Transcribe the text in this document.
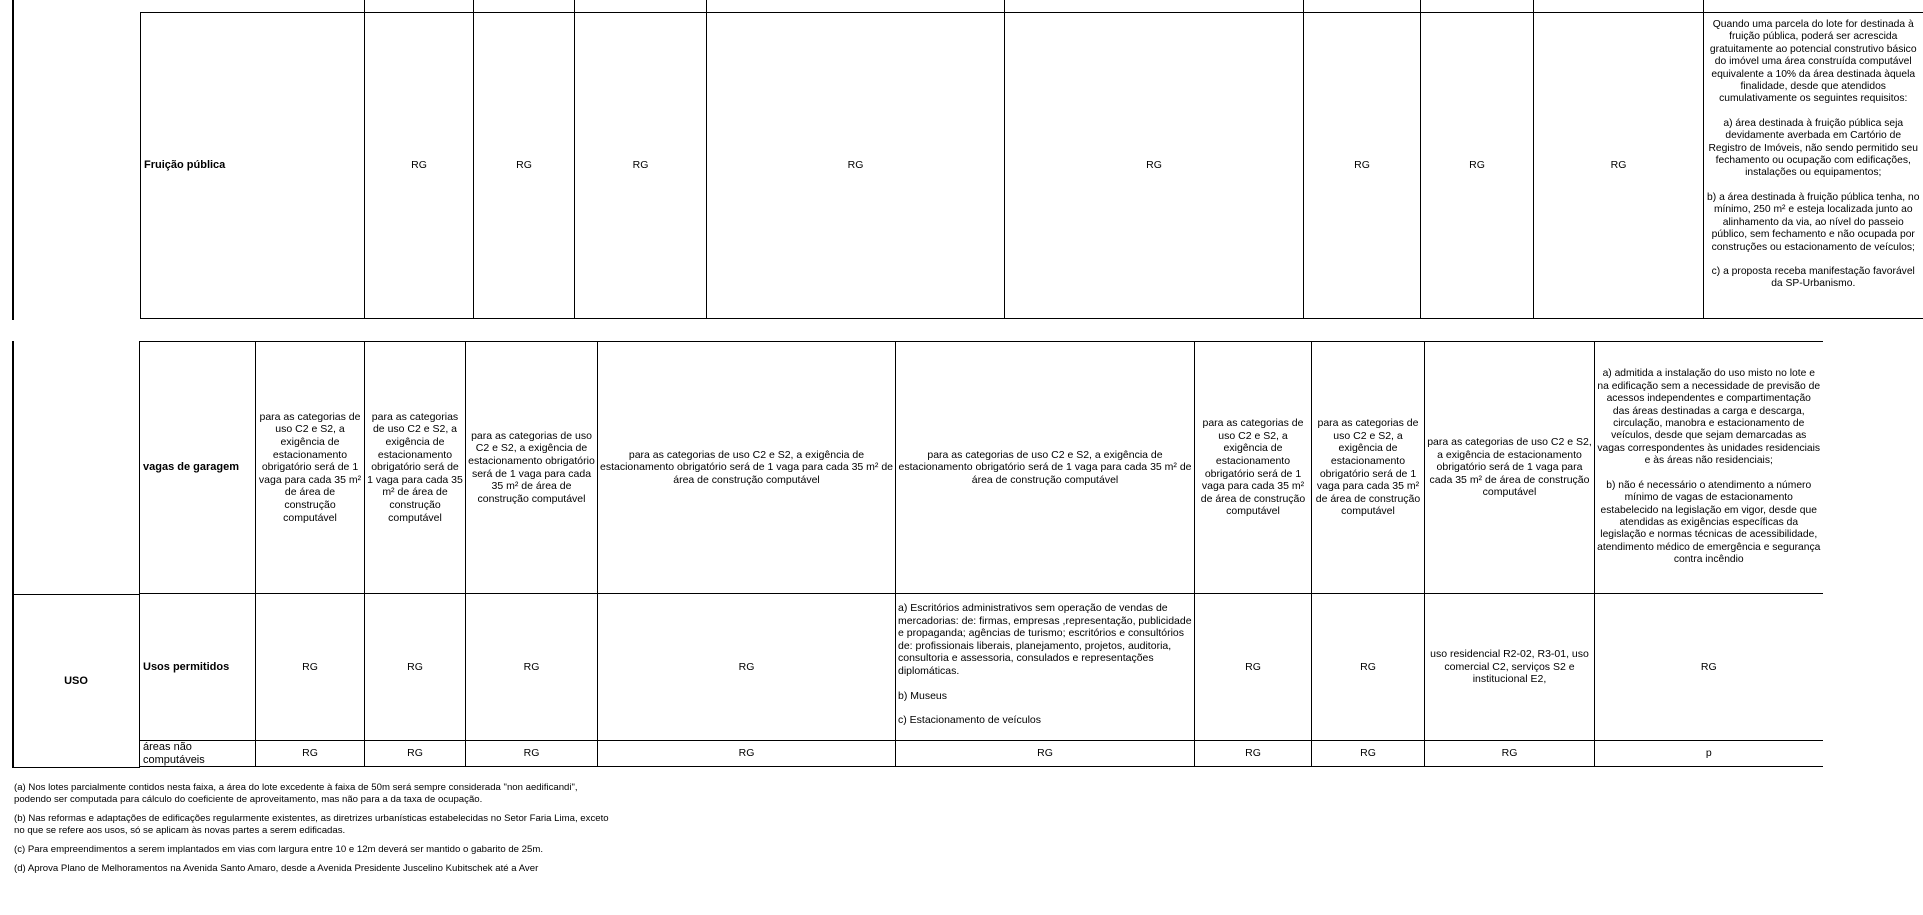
Fruição pública	RG	RG	RG	RG	RG	RG	RG	RG	Quando uma parcela do lote for destinada à fruição pública, poderá ser acrescida gratuitamente ao potencial construtivo básico do imóvel uma área construída computável equivalente a 10% da área destinada àquela finalidade, desde que atendidos cumulativamente os seguintes requisitos:
a) área destinada à fruição pública seja devidamente averbada em Cartório de Registro de Imóveis, não sendo permitido seu fechamento ou ocupação com edificações, instalações ou equipamentos;
b) a área destinada à fruição pública tenha, no mínimo, 250 m² e esteja localizada junto ao alinhamento da via, ao nível do passeio público, sem fechamento e não ocupada por construções ou estacionamento de veículos;
c) a proposta receba manifestação favorável da SP-Urbanismo.
vagas de garagem	para as categorias de uso C2 e S2, a exigência de estacionamento obrigatório será de 1 vaga para cada 35 m² de área de construção computável	para as categorias de uso C2 e S2, a exigência de estacionamento obrigatório será de 1 vaga para cada 35 m² de área de construção computável	para as categorias de uso C2 e S2, a exigência de estacionamento obrigatório será de 1 vaga para cada 35 m² de área de construção computável	para as categorias de uso C2 e S2, a exigência de estacionamento obrigatório será de 1 vaga para cada 35 m² de área de construção computável	para as categorias de uso C2 e S2, a exigência de estacionamento obrigatório será de 1 vaga para cada 35 m² de área de construção computável	para as categorias de uso C2 e S2, a exigência de estacionamento obrigatório será de 1 vaga para cada 35 m² de área de construção computável	para as categorias de uso C2 e S2, a exigência de estacionamento obrigatório será de 1 vaga para cada 35 m² de área de construção computável	para as categorias de uso C2 e S2, a exigência de estacionamento obrigatório será de 1 vaga para cada 35 m² de área de construção computável	a) admitida a instalação do uso misto no lote e na edificação sem a necessidade de previsão de acessos independentes e compartimentação das áreas destinadas a carga e descarga, circulação, manobra e estacionamento de veículos, desde que sejam demarcadas as vagas correspondentes às unidades residenciais e às áreas não residenciais;
b) não é necessário o atendimento a número mínimo de vagas de estacionamento estabelecido na legislação em vigor, desde que atendidas as exigências específicas da legislação e normas técnicas de acessibilidade, atendimento médico de emergência e segurança contra incêndio

Usos permitidos	RG	RG	RG	RG	a) Escritórios administrativos sem operação de vendas de mercadorias: de: firmas, empresas ,representação, publicidade e propaganda; agências de turismo; escritórios e consultórios de: profissionais liberais, planejamento, projetos, auditoria, consultoria e assessoria, consulados e representações diplomáticas.
b) Museus
c) Estacionamento de veículos	RG	RG	uso residencial R2-02, R3-01, uso comercial C2, serviços S2 e institucional E2,	RG
áreas não computáveis	RG	RG	RG	RG	RG	RG	RG	RG	p
USO

(a) Nos lotes parcialmente contidos nesta faixa, a área do lote excedente à faixa de 50m será sempre considerada "non aedificandi", podendo ser computada para cálculo do coeficiente de aproveitamento, mas não para a da taxa de ocupação.

(b) Nas reformas e adaptações de edificações regularmente existentes, as diretrizes urbanísticas estabelecidas no Setor Faria Lima, exceto no que se refere aos usos, só se aplicam às novas partes a serem edificadas.

(c) Para empreendimentos a serem implantados em vias com largura entre 10 e 12m deverá ser mantido o gabarito de 25m.

(d) Aprova Plano de Melhoramentos na Avenida Santo Amaro, desde a Avenida Presidente Juscelino Kubitschek até a Aver
